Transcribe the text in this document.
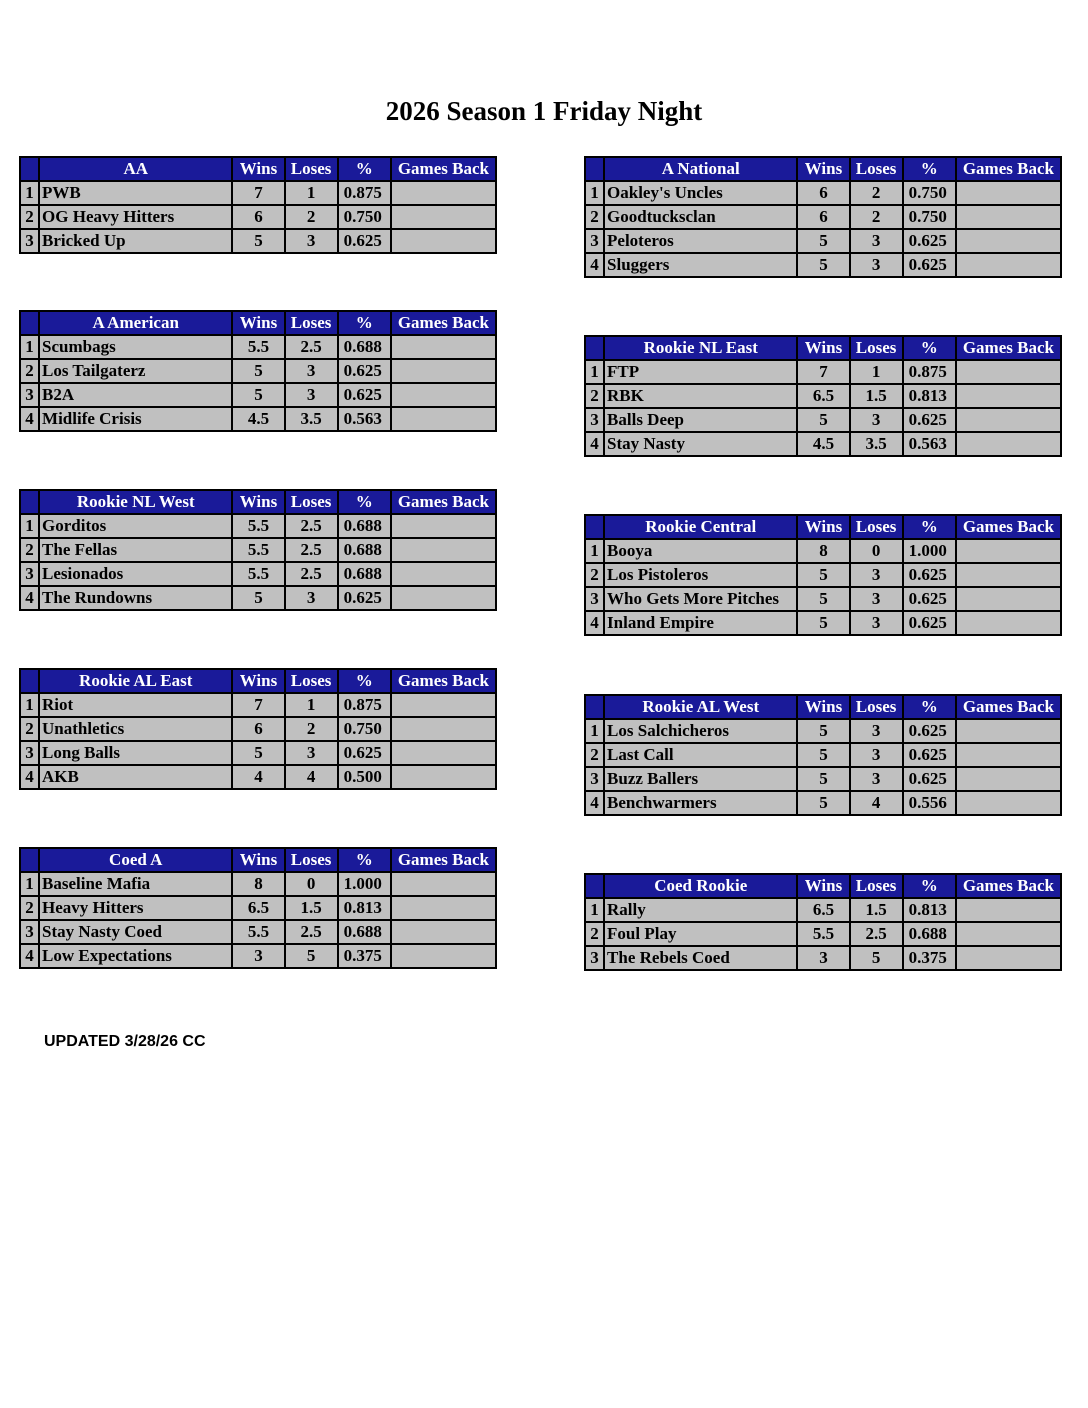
2026 Season 1 Friday Night
	AA	Wins	Loses	%	Games Back
1	PWB	7	1	0.875	
2	OG Heavy Hitters	6	2	0.750	
3	Bricked Up	5	3	0.625	
	A National	Wins	Loses	%	Games Back
1	Oakley's Uncles	6	2	0.750	
2	Goodtucksclan	6	2	0.750	
3	Peloteros	5	3	0.625	
4	Sluggers	5	3	0.625	
	A American	Wins	Loses	%	Games Back
1	Scumbags	5.5	2.5	0.688	
2	Los Tailgaterz	5	3	0.625	
3	B2A	5	3	0.625	
4	Midlife Crisis	4.5	3.5	0.563	
	Rookie NL East	Wins	Loses	%	Games Back
1	FTP	7	1	0.875	
2	RBK	6.5	1.5	0.813	
3	Balls Deep	5	3	0.625	
4	Stay Nasty	4.5	3.5	0.563	
	Rookie NL West	Wins	Loses	%	Games Back
1	Gorditos	5.5	2.5	0.688	
2	The Fellas	5.5	2.5	0.688	
3	Lesionados	5.5	2.5	0.688	
4	The Rundowns	5	3	0.625	
	Rookie Central	Wins	Loses	%	Games Back
1	Booya	8	0	1.000	
2	Los Pistoleros	5	3	0.625	
3	Who Gets More Pitches	5	3	0.625	
4	Inland Empire	5	3	0.625	
	Rookie AL East	Wins	Loses	%	Games Back
1	Riot	7	1	0.875	
2	Unathletics	6	2	0.750	
3	Long Balls	5	3	0.625	
4	AKB	4	4	0.500	
	Rookie AL West	Wins	Loses	%	Games Back
1	Los Salchicheros	5	3	0.625	
2	Last Call	5	3	0.625	
3	Buzz Ballers	5	3	0.625	
4	Benchwarmers	5	4	0.556	
	Coed A	Wins	Loses	%	Games Back
1	Baseline Mafia	8	0	1.000	
2	Heavy Hitters	6.5	1.5	0.813	
3	Stay Nasty Coed	5.5	2.5	0.688	
4	Low Expectations	3	5	0.375	
	Coed Rookie	Wins	Loses	%	Games Back
1	Rally	6.5	1.5	0.813	
2	Foul Play	5.5	2.5	0.688	
3	The Rebels Coed	3	5	0.375	
UPDATED 3/28/26 CC
